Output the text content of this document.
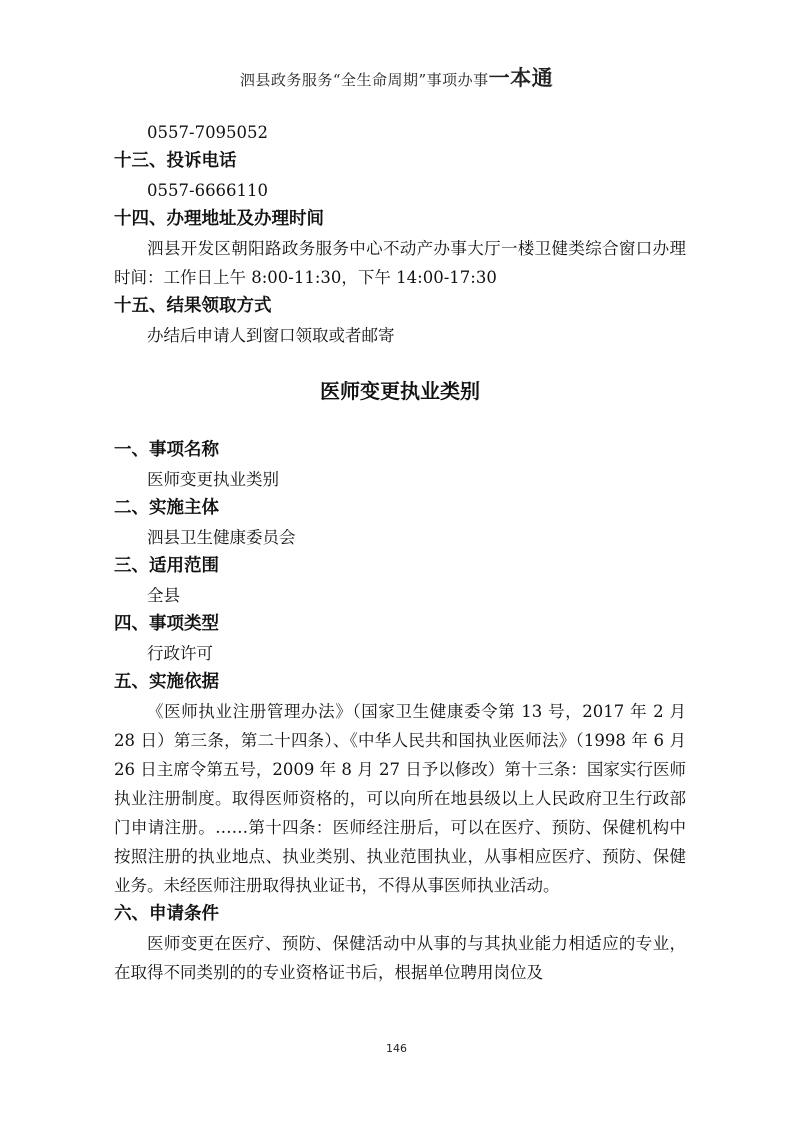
泗县政务服务“全生命周期”事项办事一本通

0557-7095052

十三、投诉电话

0557-6666110

十四、办理地址及办理时间

泗县开发区朝阳路政务服务中心不动产办事大厅一楼卫健类综合窗口办理时间：工作日上午 8:00-11:30，下午 14:00-17:30

十五、结果领取方式

办结后申请人到窗口领取或者邮寄

医师变更执业类别

一、事项名称

医师变更执业类别

二、实施主体

泗县卫生健康委员会

三、适用范围

全县

四、事项类型

行政许可

五、实施依据

《医师执业注册管理办法》（国家卫生健康委令第 13 号，2017 年 2 月 28 日）第三条，第二十四条）、《中华人民共和国执业医师法》（1998 年 6 月 26 日主席令第五号，2009 年 8 月 27 日予以修改）第十三条：国家实行医师执业注册制度。取得医师资格的，可以向所在地县级以上人民政府卫生行政部门申请注册。……第十四条：医师经注册后，可以在医疗、预防、保健机构中按照注册的执业地点、执业类别、执业范围执业，从事相应医疗、预防、保健业务。未经医师注册取得执业证书，不得从事医师执业活动。

六、申请条件

医师变更在医疗、预防、保健活动中从事的与其执业能力相适应的专业，在取得不同类别的的专业资格证书后，根据单位聘用岗位及

146
